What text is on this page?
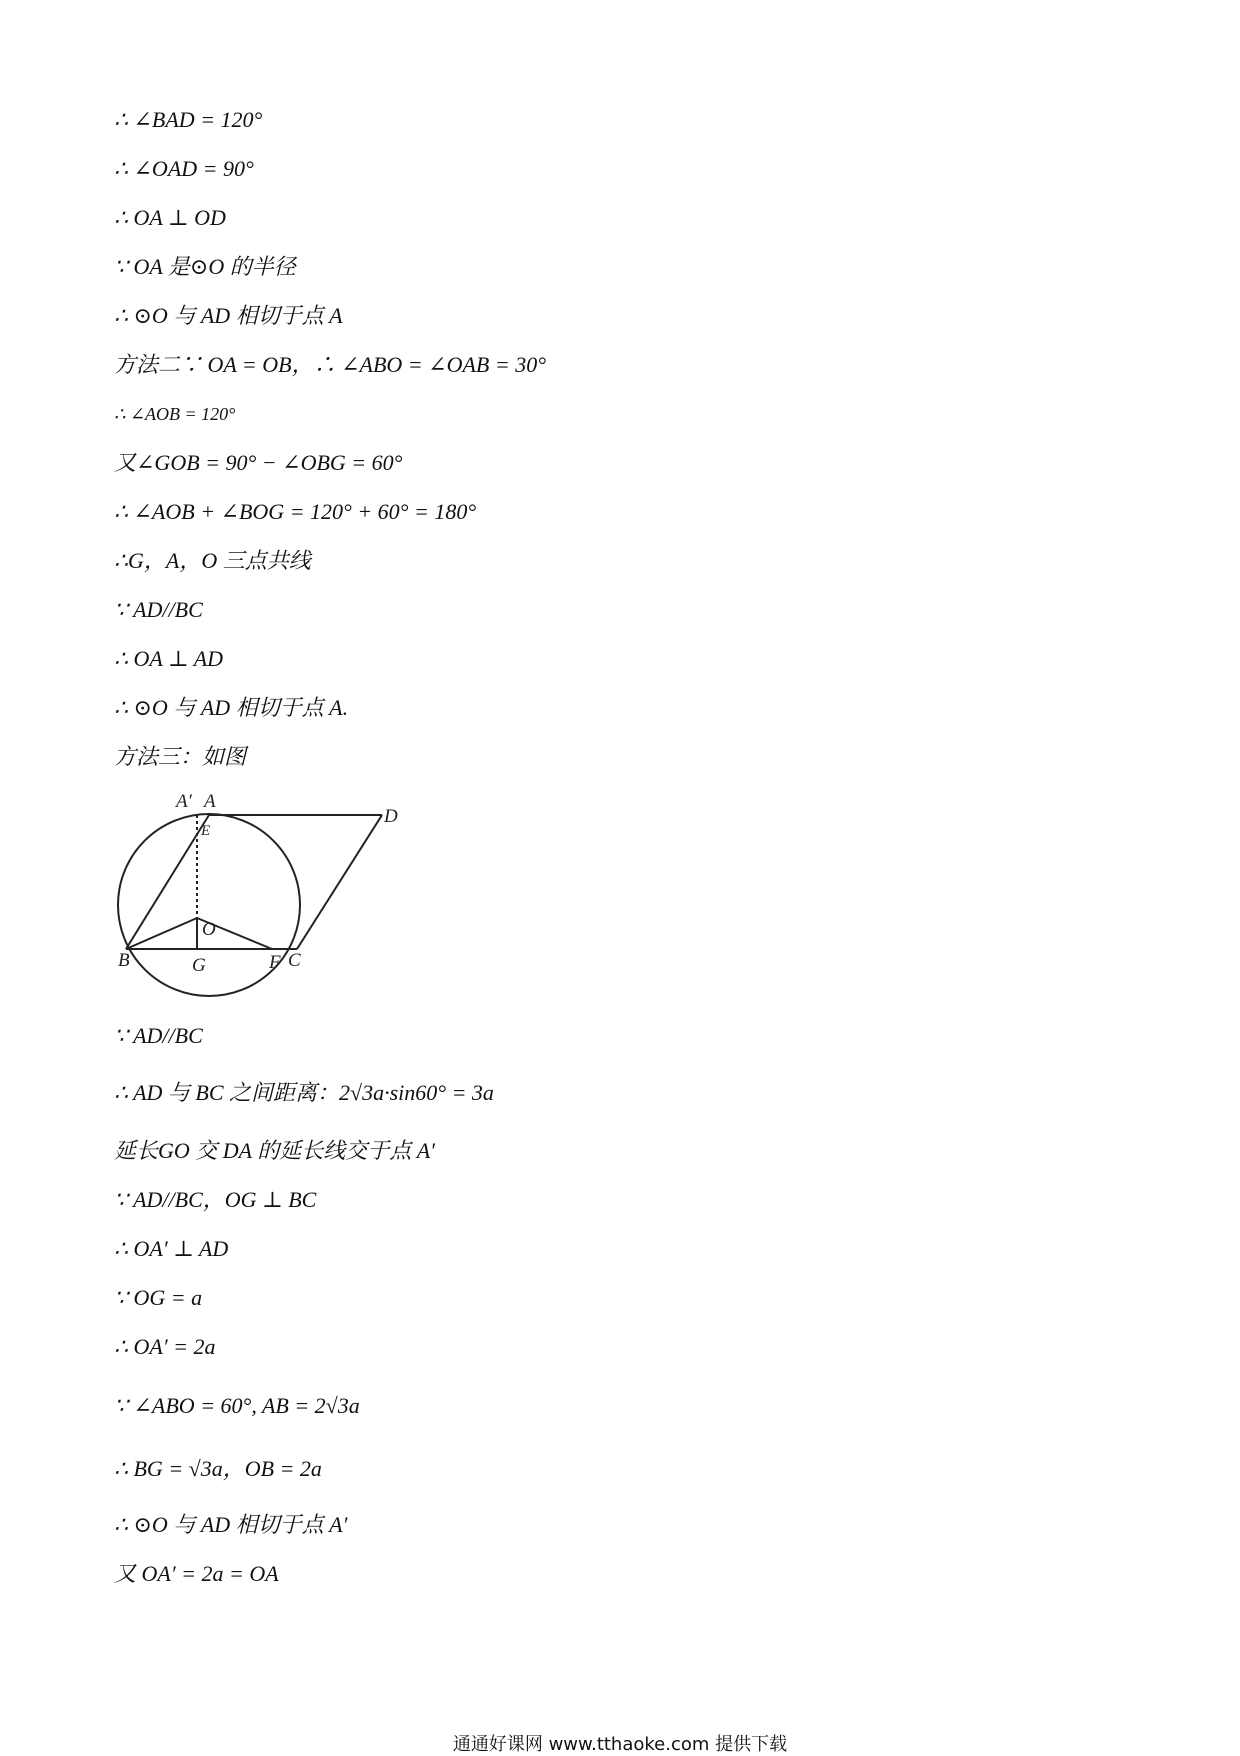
∴ ∠BAD = 120°
∴ ∠OAD = 90°
∴ OA ⊥ OD
∵ OA 是⊙O 的半径
∴ ⊙O 与 AD 相切于点 A
方法二∵ OA = OB，∴ ∠ABO = ∠OAB = 30°
∴ ∠AOB = 120°
又∠GOB = 90° − ∠OBG = 60°
∴ ∠AOB + ∠BOG = 120° + 60° = 180°
∴G，A，O 三点共线
∵ AD//BC
∴ OA ⊥ AD
∴ ⊙O 与 AD 相切于点 A.
方法三：如图
A′ A
D
E
O
B	G	F C
∵ AD//BC
∴ AD 与 BC 之间距离：2√3a·sin60° = 3a
延长GO 交 DA 的延长线交于点 A′
∵ AD//BC，OG ⊥ BC
∴ OA′ ⊥ AD
∵ OG = a
∴ OA′ = 2a
∵ ∠ABO = 60°, AB = 2√3a
∴ BG = √3a，OB = 2a
∴ ⊙O 与 AD 相切于点 A′
又 OA′ = 2a = OA
通通好课网 www.tthaoke.com 提供下载
